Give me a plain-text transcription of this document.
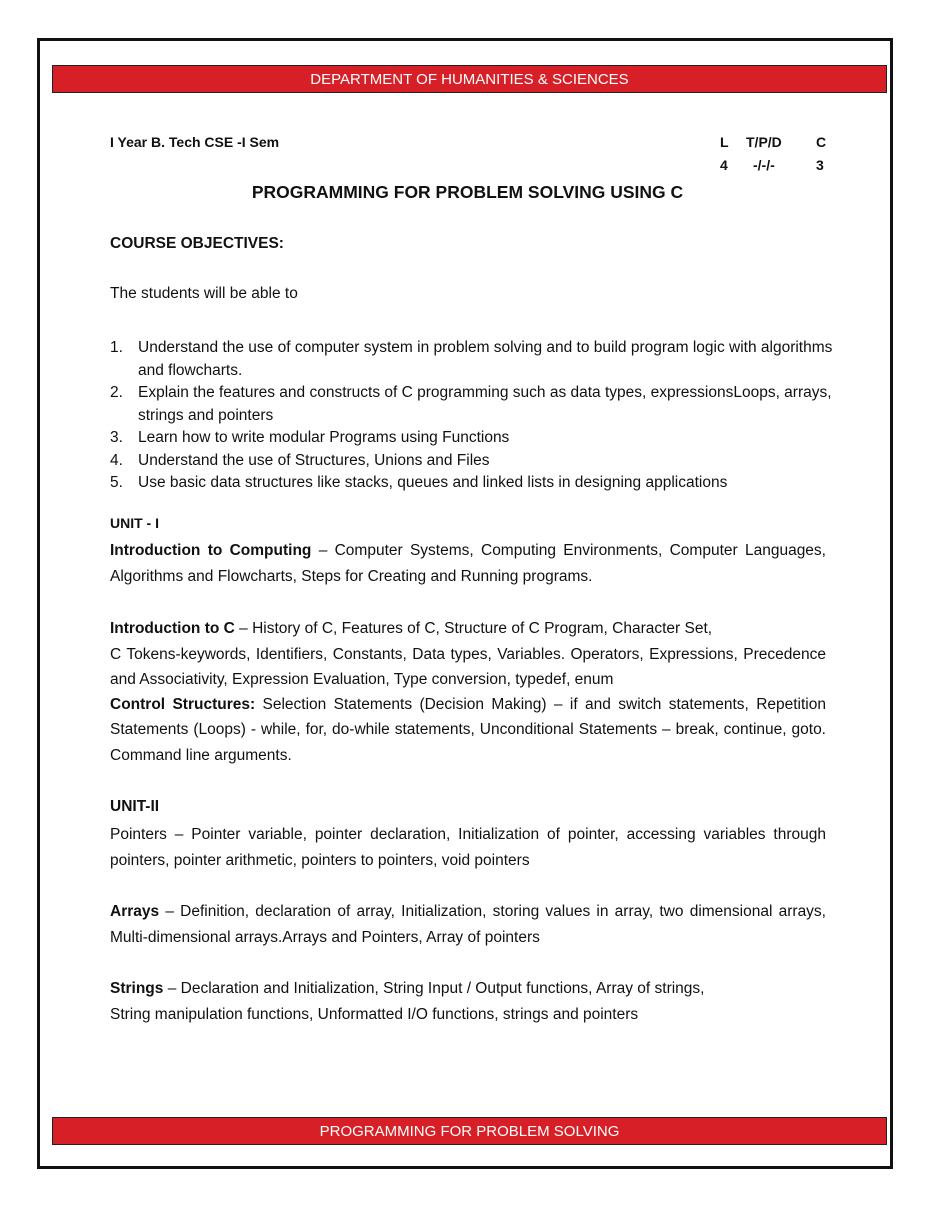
DEPARTMENT OF HUMANITIES & SCIENCES
I Year B. Tech CSE -I Sem	L T/P/D C
4 -/-/-	3
PROGRAMMING FOR PROBLEM SOLVING USING C
COURSE OBJECTIVES:
The students will be able to
1. Understand the use of computer system in problem solving and to build program logic with algorithms and flowcharts.
2. Explain the features and constructs of C programming such as data types, expressionsLoops, arrays, strings and pointers
3. Learn how to write modular Programs using Functions
4. Understand the use of Structures, Unions and Files
5. Use basic data structures like stacks, queues and linked lists in designing applications
UNIT - I
Introduction to Computing – Computer Systems, Computing Environments, Computer Languages, Algorithms and Flowcharts, Steps for Creating and Running programs.
Introduction to C – History of C, Features of C, Structure of C Program, Character Set,
C Tokens-keywords, Identifiers, Constants, Data types, Variables. Operators, Expressions, Precedence and Associativity, Expression Evaluation, Type conversion, typedef, enum
Control Structures: Selection Statements (Decision Making) – if and switch statements, Repetition Statements (Loops) - while, for, do-while statements, Unconditional Statements – break, continue, goto. Command line arguments.
UNIT-II
Pointers – Pointer variable, pointer declaration, Initialization of pointer, accessing variables through pointers, pointer arithmetic, pointers to pointers, void pointers
Arrays – Definition, declaration of array, Initialization, storing values in array, two dimensional arrays, Multi-dimensional arrays.Arrays and Pointers, Array of pointers
Strings – Declaration and Initialization, String Input / Output functions, Array of strings,
String manipulation functions, Unformatted I/O functions, strings and pointers
PROGRAMMING FOR PROBLEM SOLVING
